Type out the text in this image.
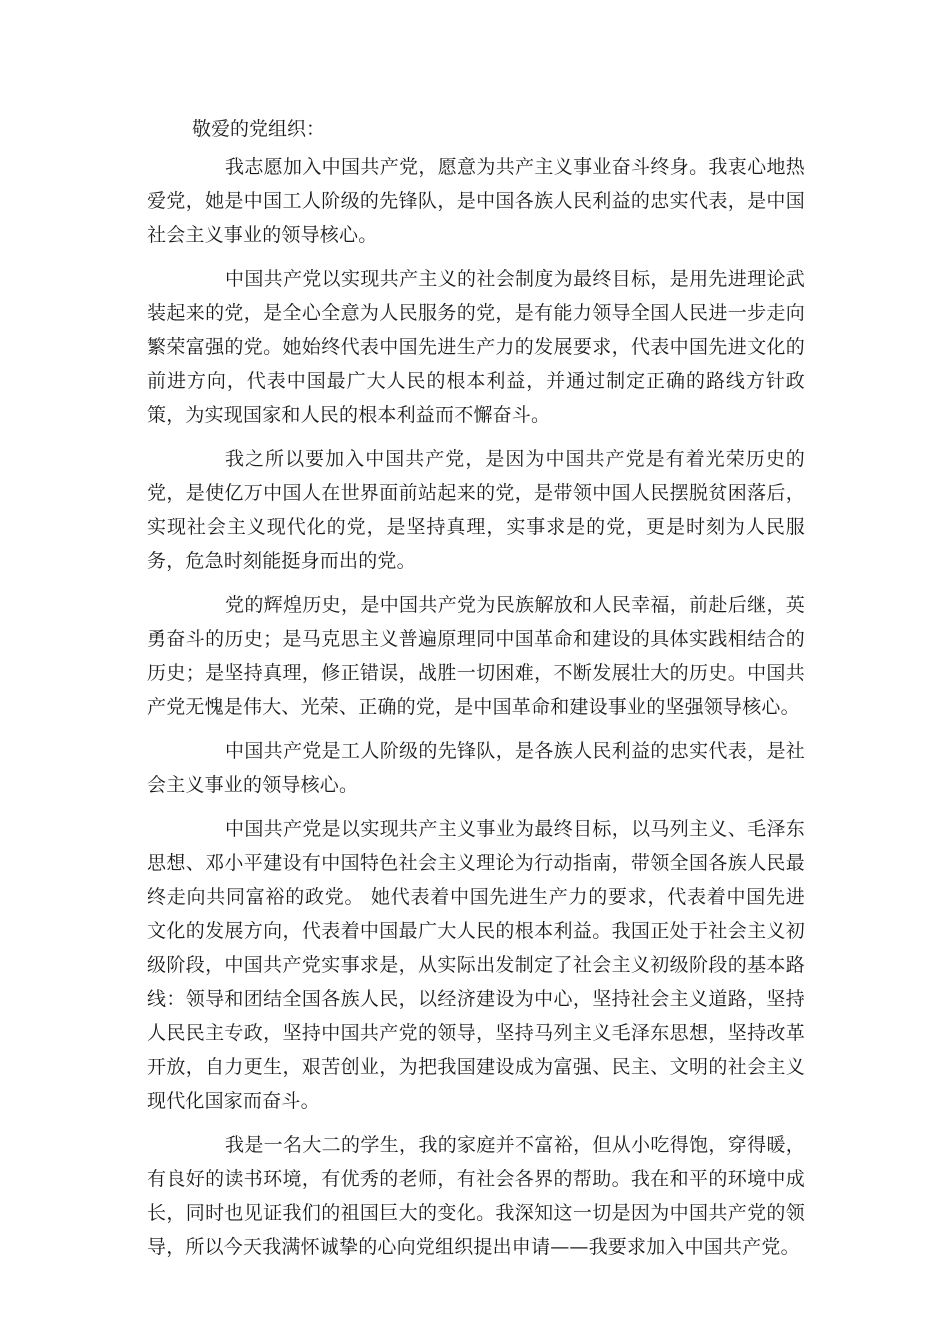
敬爱的党组织：

我志愿加入中国共产党，愿意为共产主义事业奋斗终身。我衷心地热爱党，她是中国工人阶级的先锋队，是中国各族人民利益的忠实代表，是中国社会主义事业的领导核心。

中国共产党以实现共产主义的社会制度为最终目标，是用先进理论武装起来的党，是全心全意为人民服务的党，是有能力领导全国人民进一步走向繁荣富强的党。她始终代表中国先进生产力的发展要求，代表中国先进文化的前进方向，代表中国最广大人民的根本利益，并通过制定正确的路线方针政策，为实现国家和人民的根本利益而不懈奋斗。

我之所以要加入中国共产党，是因为中国共产党是有着光荣历史的党，是使亿万中国人在世界面前站起来的党，是带领中国人民摆脱贫困落后，实现社会主义现代化的党，是坚持真理，实事求是的党，更是时刻为人民服务，危急时刻能挺身而出的党。

党的辉煌历史，是中国共产党为民族解放和人民幸福，前赴后继，英勇奋斗的历史；是马克思主义普遍原理同中国革命和建设的具体实践相结合的历史；是坚持真理，修正错误，战胜一切困难，不断发展壮大的历史。中国共产党无愧是伟大、光荣、正确的党，是中国革命和建设事业的坚强领导核心。

中国共产党是工人阶级的先锋队，是各族人民利益的忠实代表，是社会主义事业的领导核心。

中国共产党是以实现共产主义事业为最终目标，以马列主义、毛泽东思想、邓小平建设有中国特色社会主义理论为行动指南，带领全国各族人民最终走向共同富裕的政党。 她代表着中国先进生产力的要求，代表着中国先进文化的发展方向，代表着中国最广大人民的根本利益。我国正处于社会主义初级阶段，中国共产党实事求是，从实际出发制定了社会主义初级阶段的基本路线：领导和团结全国各族人民，以经济建设为中心，坚持社会主义道路，坚持人民民主专政，坚持中国共产党的领导，坚持马列主义毛泽东思想，坚持改革开放，自力更生，艰苦创业，为把我国建设成为富强、民主、文明的社会主义现代化国家而奋斗。

我是一名大二的学生，我的家庭并不富裕，但从小吃得饱，穿得暖，有良好的读书环境，有优秀的老师，有社会各界的帮助。我在和平的环境中成长，同时也见证我们的祖国巨大的变化。我深知这一切是因为中国共产党的领导，所以今天我满怀诚挚的心向党组织提出申请——我要求加入中国共产党。
